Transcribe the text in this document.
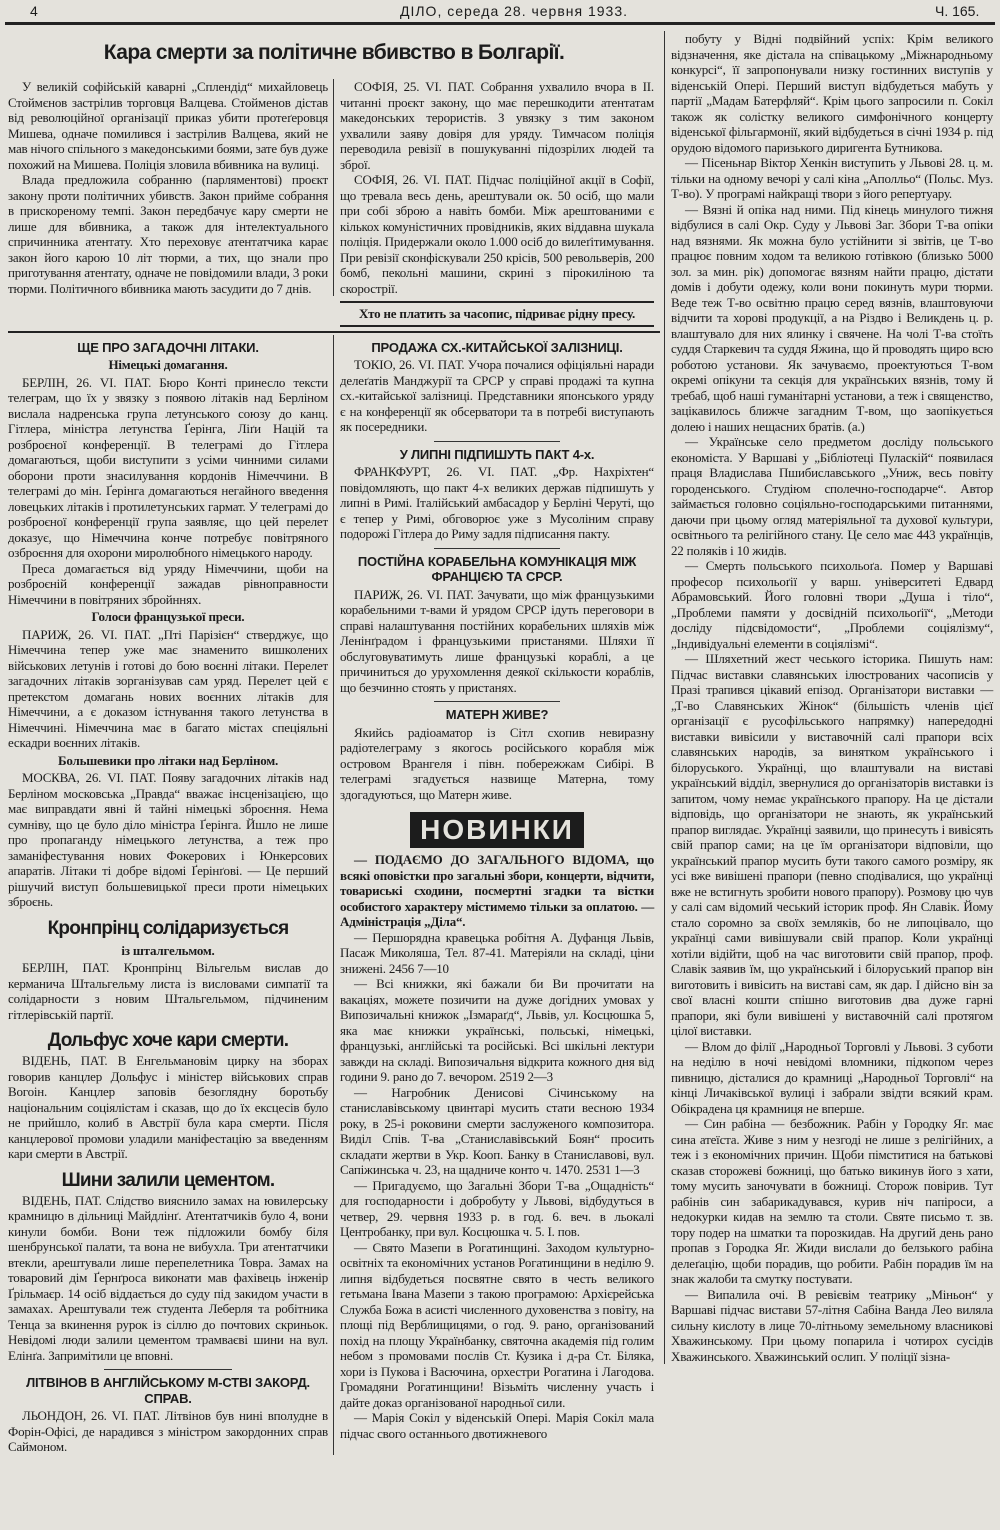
4	ДІЛО, середа 28. червня 1933.	Ч. 165.
Кара смерти за політичне вбивство в Болгарії.
У великій софійській каварні „Сплендід“ михайловець Стоймєнов застрілив торговця Валцева. Стойменов дістав від революційної організації приказ убити протеґеровця Мишева, одначе помилився і застрілив Валцева, який не мав нічого спільного з македонськими боями, зате був дуже похожий на Мишева. Поліція зловила вбивника на вулиці.
Влада предложила собранню (парляментові) проєкт закону проти політичних убивств. Закон прийме собрання в прискореному темпі. Закон передбачує кару смерти не лише для вбивника, а також для інтелектуального спричинника атентату. Хто переховує атентатчика карає закон його карою 10 літ тюрми, а тих, що знали про приготування атентату, одначе не повідомили влади, 3 роки тюрми. Політичного вбивника мають засудити до 7 днів.
СОФІЯ, 25. VI. ПАТ. Собрання ухвалило вчора в II. читанні проєкт закону, що має перешкодити атентатам македонських терористів. З увязку з тим законом ухвалили заяву довіря для уряду. Тимчасом поліція переводила ревізії в пошукуванні підозрілих людей та зброї.
СОФІЯ, 26. VI. ПАТ. Підчас поліційної акції в Софії, що тревала весь день, арештували ок. 50 осіб, що мали при собі зброю а навіть бомби. Між арештованими є кількох комуністичних провідників, яких віддавна шукала поліція. Придержали около 1.000 осіб до вилеґітимування. При ревізії сконфіскували 250 крісів, 500 револьверів, 200 бомб, пекольні машини, скрині з пірокиліною та скорострії.
Хто не платить за часопис, підриває рідну пресу.
ЩЕ ПРО ЗАГАДОЧНІ ЛІТАКИ.
Німецькі домагання.
БЕРЛІН, 26. VI. ПАТ. Бюро Конті принесло тексти телеграм, що їх у звязку з появою літаків над Берліном вислала надренська група летунського союзу до канц. Гітлера, міністра летунства Ґерінга, Ліґи Націй та розброєної конференції. В телеграмі до Гітлера домагаються, щоби виступити з усіми чинними силами оборони проти знасилування кордонів Німеччини. В телеграмі до мін. Ґерінга домагаються негайного введення ловецьких літаків і протилетунських гармат. У телеграмі до розброєної конференції група заявляє, що цей перелет доказує, що Німеччина конче потребує повітряного озброєння для охорони миролюбного німецького народу.
Преса домагається від уряду Німеччини, щоби на розброєній конференції зажадав рівноправности Німеччини в повітряних збройннях.
Голоси французької преси.
ПАРИЖ, 26. VI. ПАТ. „Пті Парізієн“ стверджує, що Німеччина тепер уже має знаменито вишколених військових летунів і готові до бою воєнні літаки. Перелет загадочних літаків зорганізував сам уряд. Перелет цей є претекстом домагань нових воєнних літаків для Німеччини, а є доказом істнування такого летунства в Німеччині. Німеччина має в багато містах спеціяльні ескадри воєнних літаків.
Большевики про літаки над Берліном.
МОСКВА, 26. VI. ПАТ. Появу загадочних літаків над Берліном московська „Правда“ вважає інсценізацією, що має виправдати явні й тайні німецькі зброєння. Нема сумніву, що це було діло міністра Ґерінга. Йшло не лише про пропаганду німецького летунства, а теж про заманіфестування нових Фокерових і Юнкерсових апаратів. Літаки ті добре відомі Ґерінґові. — Це перший рішучий виступ большевицької преси проти німецьких зброєнь.
Кронпрінц солідаризується
із шталгельмом.
БЕРЛІН, ПАТ. Кронпрінц Вільгельм вислав до керманича Штальгельму листа із висловами симпатії та солідарности з новим Штальгельмом, підчиненим гітлерівській партії.
Дольфус хоче кари смерти.
ВІДЕНЬ, ПАТ. В Енгельмановім цирку на зборах говорив канцлер Дольфус і міністер військових справ Вогоін. Канцлер заповів безоглядну боротьбу національним соціялістам і сказав, що до їх ексцесів було не прийшло, колиб в Австрії була кара смерти. Після канцлерової промови уладили маніфестацію за введенням кари смерти в Австрії.
Шини залили цементом.
ВІДЕНЬ, ПАТ. Слідство вияснило замах на ювилерську крамницю в дільниці Майдлінґ. Атентатчиків було 4, вони кинули бомби. Вони теж підложили бомбу біля шенбрунської палати, та вона не вибухла. Три атентатчики втекли, арештували лише перепелетника Товра. Замах на товаровий дім Ґернґроса виконати мав фахівець інженір Ґрільмаєр. 14 осіб віддається до суду під закидом участи в замахах. Арештували теж студента Леберля та робітника Тенца за вкинення рурок із сіллю до почтових скриньок. Невідомі люди залили цементом трамваєві шини на вул. Елінґа. Запримітили це вповні.
ЛІТВІНОВ В АНГЛІЙСЬКОМУ М-СТВІ ЗАКОРД. СПРАВ.
ЛЬОНДОН, 26. VI. ПАТ. Літвінов був нині вполудне в Форін-Офісі, де нарадився з міністром закордонних справ Саймоном.
ПРОДАЖА СХ.-КИТАЙСЬКОЇ ЗАЛІЗНИЦІ.
ТОКІО, 26. VI. ПАТ. Учора почалися офіціяльні наради делеґатів Манджурії та СРСР у справі продажі та купна сх.-китайської залізниці. Представники японського уряду є на конференції як обсерватори та в потребі виступають як посередники.
У ЛИПНІ ПІДПИШУТЬ ПАКТ 4-х.
ФРАНКФУРТ, 26. VI. ПАТ. „Фр. Нахріхтен“ повідомляють, що пакт 4-х великих держав підпишуть у липні в Римі. Італійський амбасадор у Берліні Черуті, що є тепер у Римі, обговорює уже з Мусоліним справу подорожі Гітлера до Риму задля підписання пакту.
ПОСТІЙНА КОРАБЕЛЬНА КОМУНІКАЦІЯ МІЖ ФРАНЦІЄЮ ТА СРСР.
ПАРИЖ, 26. VI. ПАТ. Зачувати, що між французькими корабельними т-вами й урядом СРСР ідуть переговори в справі налаштування постійних корабельних шляхів між Ленінґрадом і французькими пристанями. Шляхи її обслуговуватимуть лише французькі кораблі, а це причиниться до урухомлення деякої скількости кораблів, що безчинно стоять у пристанях.
МАТЕРН ЖИВЕ?
Якийсь радіоаматор із Сітл схопив невиразну радіотелеграму з якогось російського корабля між островом Врангеля і півн. побережжам Сибірі. В телеграмі згадується назвище Матерна, тому здогадуються, що Матерн живе.
НОВИНКИ
— ПОДАЄМО ДО ЗАГАЛЬНОГО ВІДОМА, що всякі оповістки про загальні збори, концерти, відчити, товариські сходини, посмертні згадки та вістки особистого характеру містимемо тільки за оплатою. — Адміністрація „Діла“.
— Першорядна кравецька робітня А. Дуфанця Львів, Пасаж Миколяша, Тел. 87-41. Матеріяли на складі, ціни знижені. 2456 7—10
— Всі книжки, які бажали би Ви прочитати на вакаціях, можете позичити на дуже догідних умовах у Випозичальні книжок „Ізмараґд“, Львів, ул. Косцюшка 5, яка має книжки українські, польські, німецькі, французькі, англійські та російські. Всі шкільні лектури завжди на складі. Випозичальня відкрита кожного дня від години 9. рано до 7. вечором. 2519 2—3
— Нагробник Денисові Січинському на станиславівському цвинтарі мусить стати весною 1934 року, в 25-і роковини смерти заслуженого композитора. Виділ Спів. Т-ва „Станиславівський Боян“ просить складати жертви в Укр. Кооп. Банку в Станиславові, вул. Сапіжинська ч. 23, на щадниче конто ч. 1470. 2531 1—3
— Пригадуємо, що Загальні Збори Т-ва „Ощадність“ для господарности і добробуту у Львові, відбудуться в четвер, 29. червня 1933 р. в год. 6. веч. в льокалі Центробанку, при вул. Косцюшка ч. 5. I. пов.
— Свято Мазепи в Рогатинщині. Заходом культурно-освітніх та економічних установ Рогатинщини в неділю 9. липня відбудеться посвятне свято в честь великого гетьмана Івана Мазепи з такою програмою: Архієрейська Служба Божа в асисті численного духовенства з повіту, на площі під Верблищицями, о год. 9. рано, організований похід на площу Українбанку, святочна академія під голим небом з промовами послів Ст. Кузика і д-ра Ст. Біляка, хори із Пукова і Васючина, орхестри Рогатина і Лагодова. Громадяни Рогатинщини! Візьміть численну участь і дайте доказ організованої народньої сили.
— Марія Сокіл у віденській Опері. Марія Сокіл мала підчас свого останнього двотижневого
побуту у Відні подвійний успіх: Крім великого відзначення, яке дістала на співацькому „Міжнародньому конкурсі“, її запропонували низку гостинних виступів у віденській Опері. Перший виступ відбудеться мабуть у партії „Мадам Батерфляй“. Крім цього запросили п. Сокіл також як солістку великого симфонічного концерту віденської фільгармонії, який відбудеться в січні 1934 р. під орудою відомого паризького диригента Бутникова.
— Пісеньнар Віктор Хенкін виступить у Львові 28. ц. м. тільки на одному вечорі у салі кіна „Аполльо“ (Польс. Муз. Т-во). У програмі найкращі твори з його репертуару.
— Вязні й опіка над ними. Під кінець минулого тижня відбулися в салі Окр. Суду у Львові Заг. Збори Т-ва опіки над вязнями. Як можна було устійнити зі звітів, це Т-во працює повним ходом та великою готівкою (близько 5000 зол. за мин. рік) допомогає вязням найти працю, дістати домів і добути одежу, коли вони покинуть мури тюрми. Веде теж Т-во освітню працю серед вязнів, влаштовуючи відчити та хорові продукції, а на Різдво і Великдень ц. р. влаштувало для них ялинку і свячене. На чолі Т-ва стоїть суддя Старкевич та суддя Яжина, що й проводять щиро всю роботою установи. Як зачуваємо, проектуються Т-вом окремі опікуни та секція для українських вязнів, тому й требаб, щоб наші гуманітарні установи, а теж і священство, зацікавилось ближче загадним Т-вом, що заопікується долею і наших нещасних братів. (а.)
— Українське село предметом досліду польського економіста. У Варшаві у „Бібліотеці Пуласкій“ появилася праця Владислава Пшибиславського „Униж, весь повіту городенського. Студіюм спoлечно-господарче“. Автор займається головно соціяльно-господарськими питаннями, даючи при цьому огляд матеріяльної та духової культури, освітнього та релігійного стану. Це село має 443 українців, 22 поляків і 10 жидів.
— Смерть польського психольоґа. Помер у Варшаві професор психольоґії у варш. університеті Едвард Абрамовський. Його головні твори „Душа і тіло“, „Проблеми памяти у досвідній психольоґії“, „Методи досліду підсвідомости“, „Проблеми соціялізму“, „Індивідуальні елементи в соціялізмі“.
— Шляхетний жест чеського історика. Пишуть нам: Підчас виставки славянських ілюстрованих часописів у Празі трапився цікавий епізод. Організатори виставки — „Т-во Славянських Жінок“ (більшість членів цієї організації є русофільського напрямку) напередодні виставки вивісили у виставочній салі прапори всіх славянських народів, за винятком українського і білоруського. Українці, що влаштували на виставі український відділ, звернулися до організаторів виставки із запитом, чому немає українського прапору. На це дістали відповідь, що організатори не знають, як український прапор виглядає. Українці заявили, що принесуть і вивісять свій прапор сами; на це їм організатори відповіли, що український прапор мусить бути такого самого розміру, як усі вже вивішені прапори (певно сподівалися, що українці вже не встигнуть зробити нового прапору). Розмову цю чув у салі сам відомий чеський історик проф. Ян Славік. Йому стало соромно за своїх земляків, бо не липоцівало, що українці сами вивішували свій прапор. Коли українці хотіли відійти, щоб на час виготовити свій прапор, проф. Славік заявив їм, що український і білоруський прапор він виготовить і вивісить на виставі сам, як дар. І дійсно він за свої власні кошти спішно виготовив два дуже гарні прапори, які були вивішені у виставочній салі протягом цілої виставки.
— Влом до філії „Народньої Торговлі у Львові. З суботи на неділю в ночі невідомі вломники, підкопом через пивницю, дісталися до крамниці „Народньої Торговлі“ на кінці Личаківської вулиці і забрали звідти всякий крам. Обікрадена ця крамниця не вперше.
— Син рабіна — безбожник. Рабін у Городку Яг. має сина атеїста. Живе з ним у незгоді не лише з релігійних, а теж і з економічних причин. Щоби пімститися на батькові сказав сторожеві божниці, що батько викинув його з хати, тому мусить заночувати в божниці. Сторож повірив. Тут рабінів син забарикадувався, курив ніч папіроси, а недокурки кидав на землю та столи. Святе письмо т. зв. тору подер на шматки та порозкидав. На другий день рано пропав з Городка Яг. Жиди вислали до белзького рабіна делеґацію, щоби порадив, що робити. Рабін порадив їм на знак жалоби та смутку постувати.
— Випалила очі. В ревієвім театрику „Міньон“ у Варшаві підчас вистави 57-літня Сабіна Ванда Лео виляла сильну кислоту в лице 70-літньому земельному власникові Хважинському. При цьому попарила і чотирох сусідів Хважинського. Хважинський ослип. У поліції зізна-
